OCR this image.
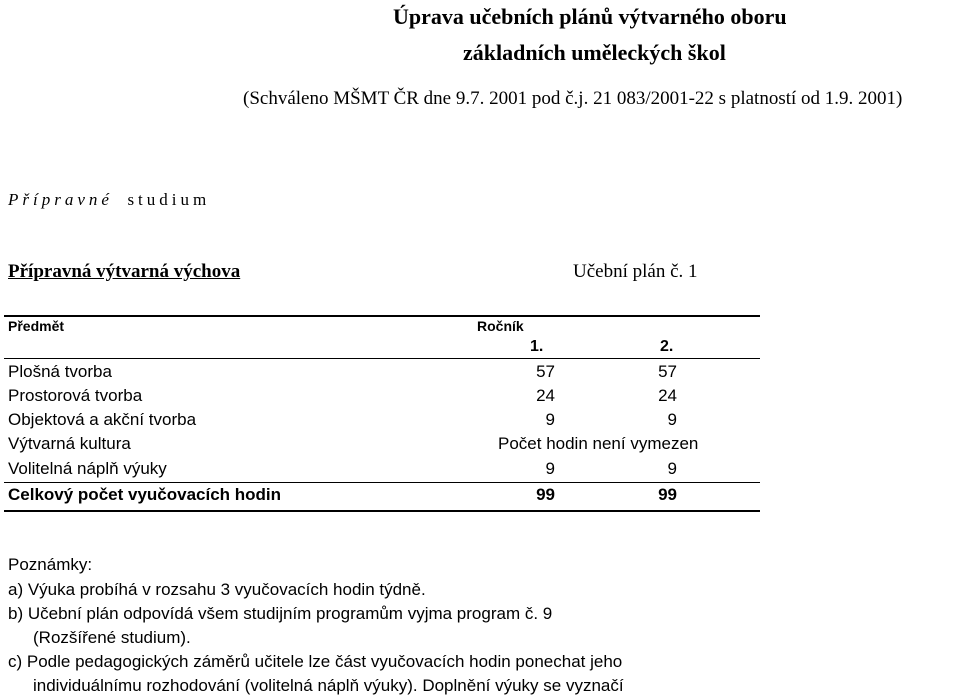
Úprava učebních plánů výtvarného oboru
základních uměleckých škol
(Schváleno MŠMT ČR dne 9.7. 2001 pod č.j. 21 083/2001-22 s platností od 1.9. 2001)
Přípravné studium
Přípravná výtvarná výchova	Učební plán č. 1
Předmět	Ročník
1.	2.
Plošná tvorba	57	57
Prostorová tvorba	24	24
Objektová a akční tvorba	9	9
Výtvarná kultura	Počet hodin není vymezen
Volitelná náplň výuky	9	9
Celkový počet vyučovacích hodin	99	99
Poznámky:
a) Výuka probíhá v rozsahu 3 vyučovacích hodin týdně.
b) Učební plán odpovídá všem studijním programům vyjma program č. 9
(Rozšířené studium).
c) Podle pedagogických záměrů učitele lze část vyučovacích hodin ponechat jeho
individuálnímu rozhodování (volitelná náplň výuky). Doplnění výuky se vyznačí
